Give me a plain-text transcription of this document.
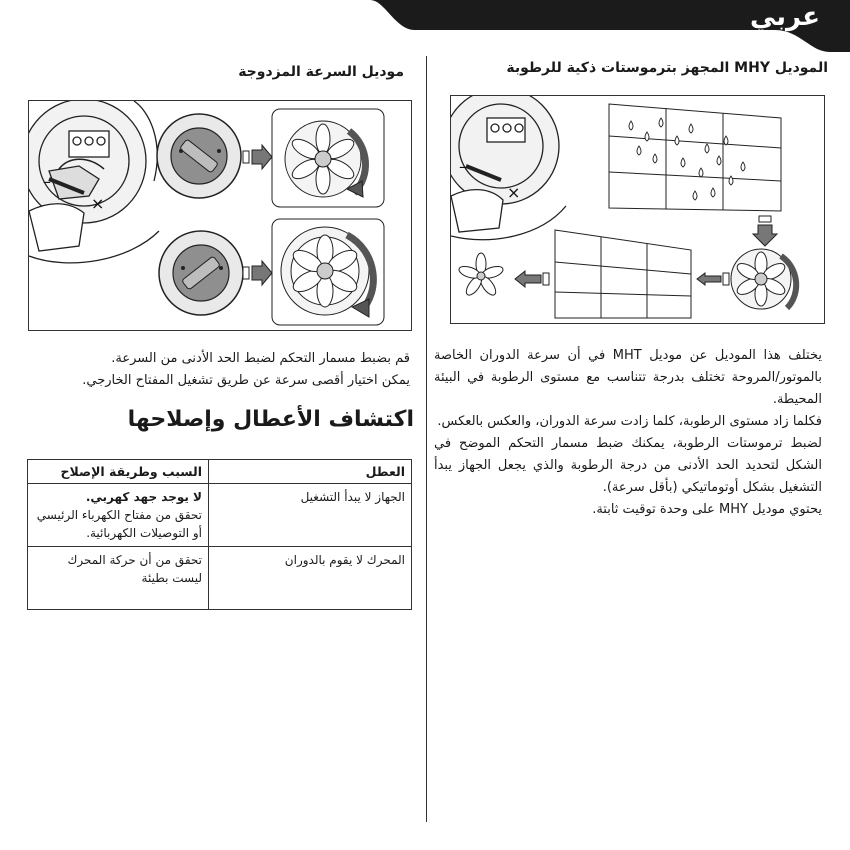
عربي
الموديل MHY المجهز بترموستات ذكية للرطوبة
موديل السرعة المزدوجة
–
×
–
×

يختلف هذا الموديل عن موديل MHT في أن سرعة الدوران الخاصة بالموتور/المروحة تختلف بدرجة تتناسب مع مستوى الرطوبة في البيئة المحيطة.

فكلما زاد مستوى الرطوبة، كلما زادت سرعة الدوران، والعكس بالعكس.

لضبط ترموستات الرطوبة، يمكنك ضبط مسمار التحكم الموضح في الشكل لتحديد الحد الأدنى من درجة الرطوبة والذي يجعل الجهاز يبدأ التشغيل بشكل أوتوماتيكي (بأقل سرعة).

يحتوي موديل MHY على وحدة توقيت ثابتة.

قم بضبط مسمار التحكم لضبط الحد الأدنى من السرعة.

يمكن اختيار أقصى سرعة عن طريق تشغيل المفتاح الخارجي.

اكتشاف الأعطال وإصلاحها
العطل	السبب وطريقة الإصلاح
الجهاز لا يبدأ التشغيل	لا يوجد جهد كهربي.
تحقق من مفتاح الكهرباء الرئيسي أو التوصيلات الكهربائية.
المحرك لا يقوم بالدوران	تحقق من أن حركة المحرك ليست بطيئة
